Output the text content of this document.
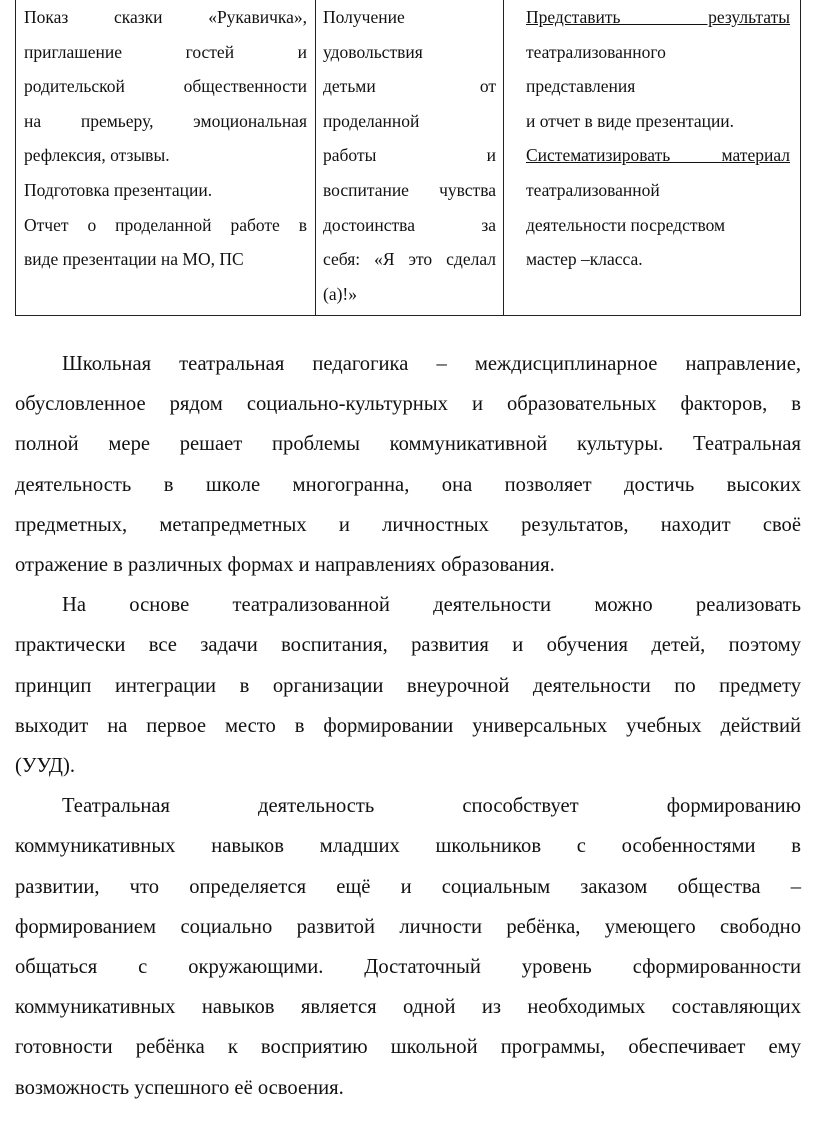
Показ сказки «Рукавичка»,
приглашение гостей и
родительской общественности
на премьеру, эмоциональная
рефлексия, отзывы.
Подготовка презентации.
Отчет о проделанной работе в
виде презентации на МО, ПС

Получение
удовольствия
детьми от
проделанной
работы и
воспитание чувства
достоинства за
себя: «Я это сделал
(а)!»

Представить результаты
театрализованного
представления
и отчет в виде презентации.
Систематизировать материал
театрализованной
деятельности посредством
мастер –класса.
Школьная театральная педагогика – междисциплинарное направление,
обусловленное рядом социально-культурных и образовательных факторов, в
полной мере решает проблемы коммуникативной культуры. Театральная
деятельность в школе многогранна, она позволяет достичь высоких
предметных, метапредметных и личностных результатов, находит своё
отражение в различных формах и направлениях образования.
На основе театрализованной деятельности можно реализовать
практически все задачи воспитания, развития и обучения детей, поэтому
принцип интеграции в организации внеурочной деятельности по предмету
выходит на первое место в формировании универсальных учебных действий
(УУД).
Театральная деятельность способствует формированию
коммуникативных навыков младших школьников с особенностями в
развитии, что определяется ещё и социальным заказом общества –
формированием социально развитой личности ребёнка, умеющего свободно
общаться с окружающими. Достаточный уровень сформированности
коммуникативных навыков является одной из необходимых составляющих
готовности ребёнка к восприятию школьной программы, обеспечивает ему
возможность успешного её освоения.
